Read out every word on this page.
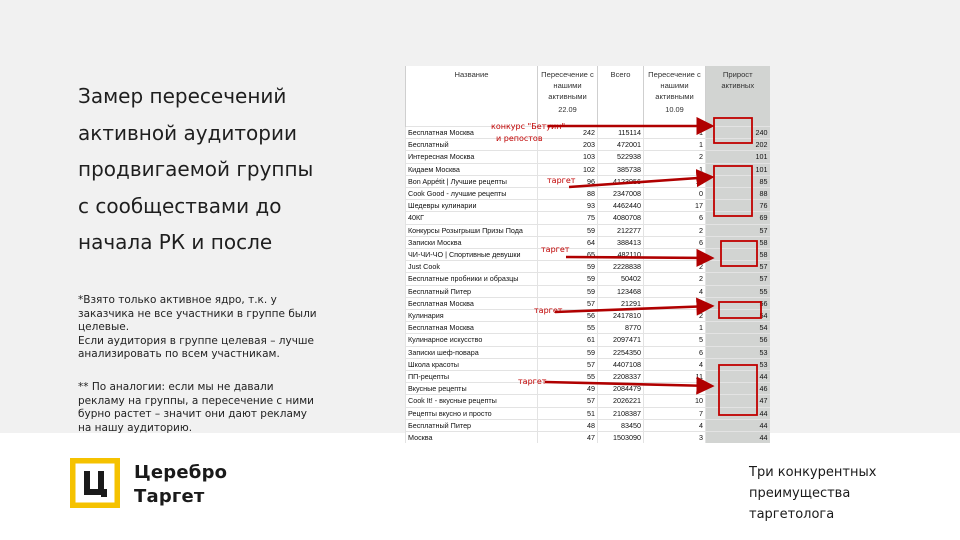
Замер пересечений
активной аудитории
продвигаемой группы
с сообществами до
начала РК и после

*Взято только активное ядро, т.к. у

заказчика не все участники в группе были

целевые.

Если аудитория в группе целевая – лучше

анализировать по всем участникам.

** По аналогии: если мы не давали

рекламу на группы, а пересечение с ними

бурно растет – значит они дают рекламу

на нашу аудиторию.

Название	Пересечение с нашими активными
22.09	Всего	Пересечение с нашими активными
10.09	Прирост активных
Бесплатная Москва	242	115114	1	240
Бесплатный	203	472001	1	202
Интересная Москва	103	522938	2	101
Кидаем Москва	102	385738	1	101
Bon Appétit | Лучшие рецепты	96	4123956	11	85
Cook Good - лучшие рецепты	88	2347008	0	88
Шедевры кулинарии	93	4462440	17	76
40КГ	75	4080708	6	69
Конкурсы Розыгрыши Призы Пода	59	212277	2	57
Записки Москва	64	388413	6	58
ЧИ-ЧИ-ЧО | Спортивные девушки	65	482110	7	58
Just Cook	59	2228838	2	57
Бесплатные пробники и образцы	59	50402	2	57
Бесплатный Питер	59	123468	4	55
Бесплатная Москва	57	21291	1	56
Кулинария	56	2417810	2	54
Бесплатная Москва	55	8770	1	54
Кулинарное искусство	61	2097471	5	56
Записки шеф-повара	59	2254350	6	53
Школа красоты	57	4407108	4	53
ПП-рецепты	55	2208337	11	44
Вкусные рецепты	49	2084479	3	46
Cook It! - вкусные рецепты	57	2026221	10	47
Рецепты вкусно и просто	51	2108387	7	44
Бесплатный Питер	48	83450	4	44
Москва	47	1503090	3	44
конкурс "Бетуин"
и репостов
таргет
таргет
таргет
таргет
Церебро
Таргет
Три конкурентных
преимущества
таргетолога
